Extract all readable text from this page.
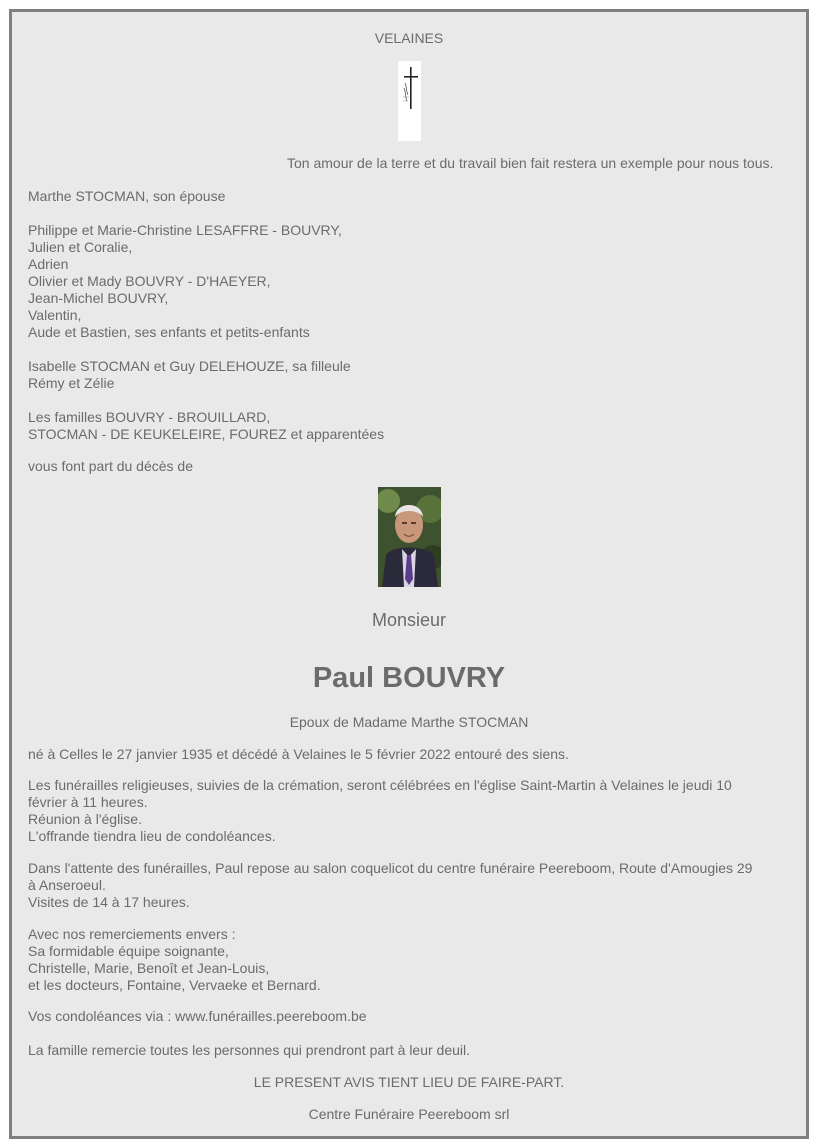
VELAINES
Ton amour de la terre et du travail bien fait restera un exemple pour nous tous.
Marthe STOCMAN, son épouse
Philippe et Marie-Christine LESAFFRE - BOUVRY,
Julien et Coralie,
Adrien
Olivier et Mady BOUVRY - D'HAEYER,
Jean-Michel BOUVRY,
Valentin,
Aude et Bastien, ses enfants et petits-enfants
Isabelle STOCMAN et Guy DELEHOUZE, sa filleule
Rémy et Zélie
Les familles BOUVRY - BROUILLARD,
STOCMAN - DE KEUKELEIRE, FOUREZ et apparentées
vous font part du décès de
Monsieur
Paul BOUVRY
Epoux de Madame Marthe STOCMAN
né à Celles le 27 janvier 1935 et décédé à Velaines le 5 février 2022 entouré des siens.
Les funérailles religieuses, suivies de la crémation, seront célébrées en l'église Saint-Martin à Velaines le jeudi 10
février à 11 heures.
Réunion à l'église.
L'offrande tiendra lieu de condoléances.
Dans l'attente des funérailles, Paul repose au salon coquelicot du centre funéraire Peereboom, Route d'Amougies 29
à Anseroeul.
Visites de 14 à 17 heures.
Avec nos remerciements envers :
Sa formidable équipe soignante,
Christelle, Marie, Benoît et Jean-Louis,
et les docteurs, Fontaine, Vervaeke et Bernard.
Vos condoléances via : www.funérailles.peereboom.be
La famille remercie toutes les personnes qui prendront part à leur deuil.
LE PRESENT AVIS TIENT LIEU DE FAIRE-PART.
Centre Funéraire Peereboom srl
